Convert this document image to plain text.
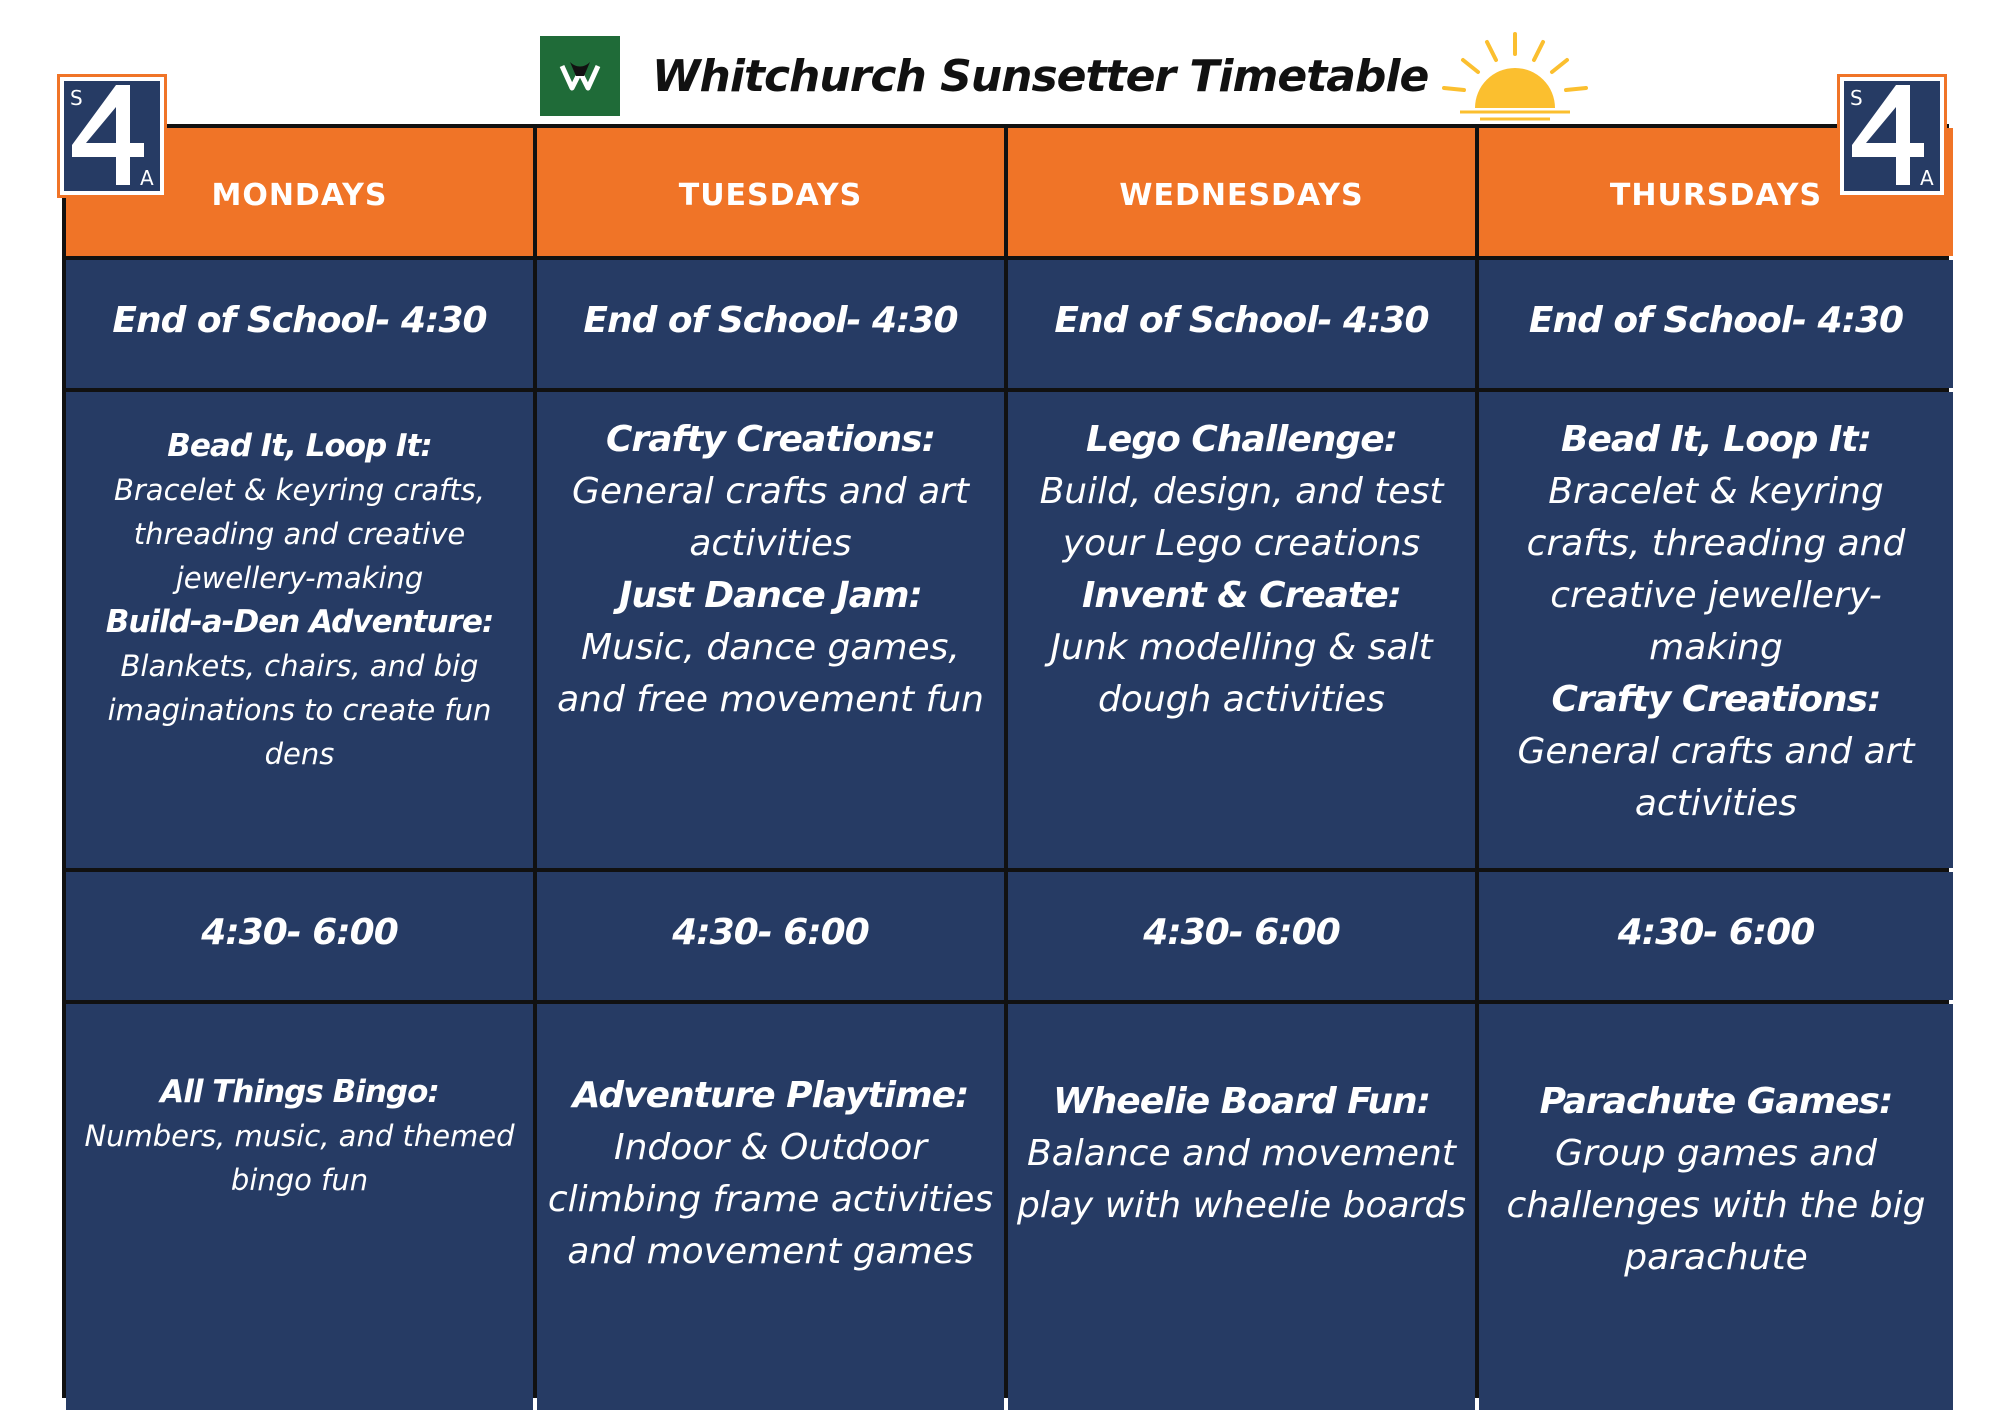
Whitchurch Sunsetter Timetable
MONDAYS
End of School- 4:30
Bead It, Loop It:
Bracelet & keyring crafts, threading and creative jewellery-making
Build-a-Den Adventure:
Blankets, chairs, and big imaginations to create fun dens
4:30- 6:00
All Things Bingo:
Numbers, music, and themed bingo fun
TUESDAYS
End of School- 4:30
Crafty Creations:
General crafts and art activities
Just Dance Jam:
Music, dance games, and free movement fun
4:30- 6:00
Adventure Playtime:
Indoor & Outdoor climbing frame activities and movement games
WEDNESDAYS
End of School- 4:30
Lego Challenge:
Build, design, and test your Lego creations
Invent & Create:
Junk modelling & salt dough activities
4:30- 6:00
Wheelie Board Fun:
Balance and movement play with wheelie boards
THURSDAYS
End of School- 4:30
Bead It, Loop It:
Bracelet & keyring crafts, threading and creative jewellery-making
Crafty Creations:
General crafts and art activities
4:30- 6:00
Parachute Games:
Group games and challenges with the big parachute
S
A
S
A
